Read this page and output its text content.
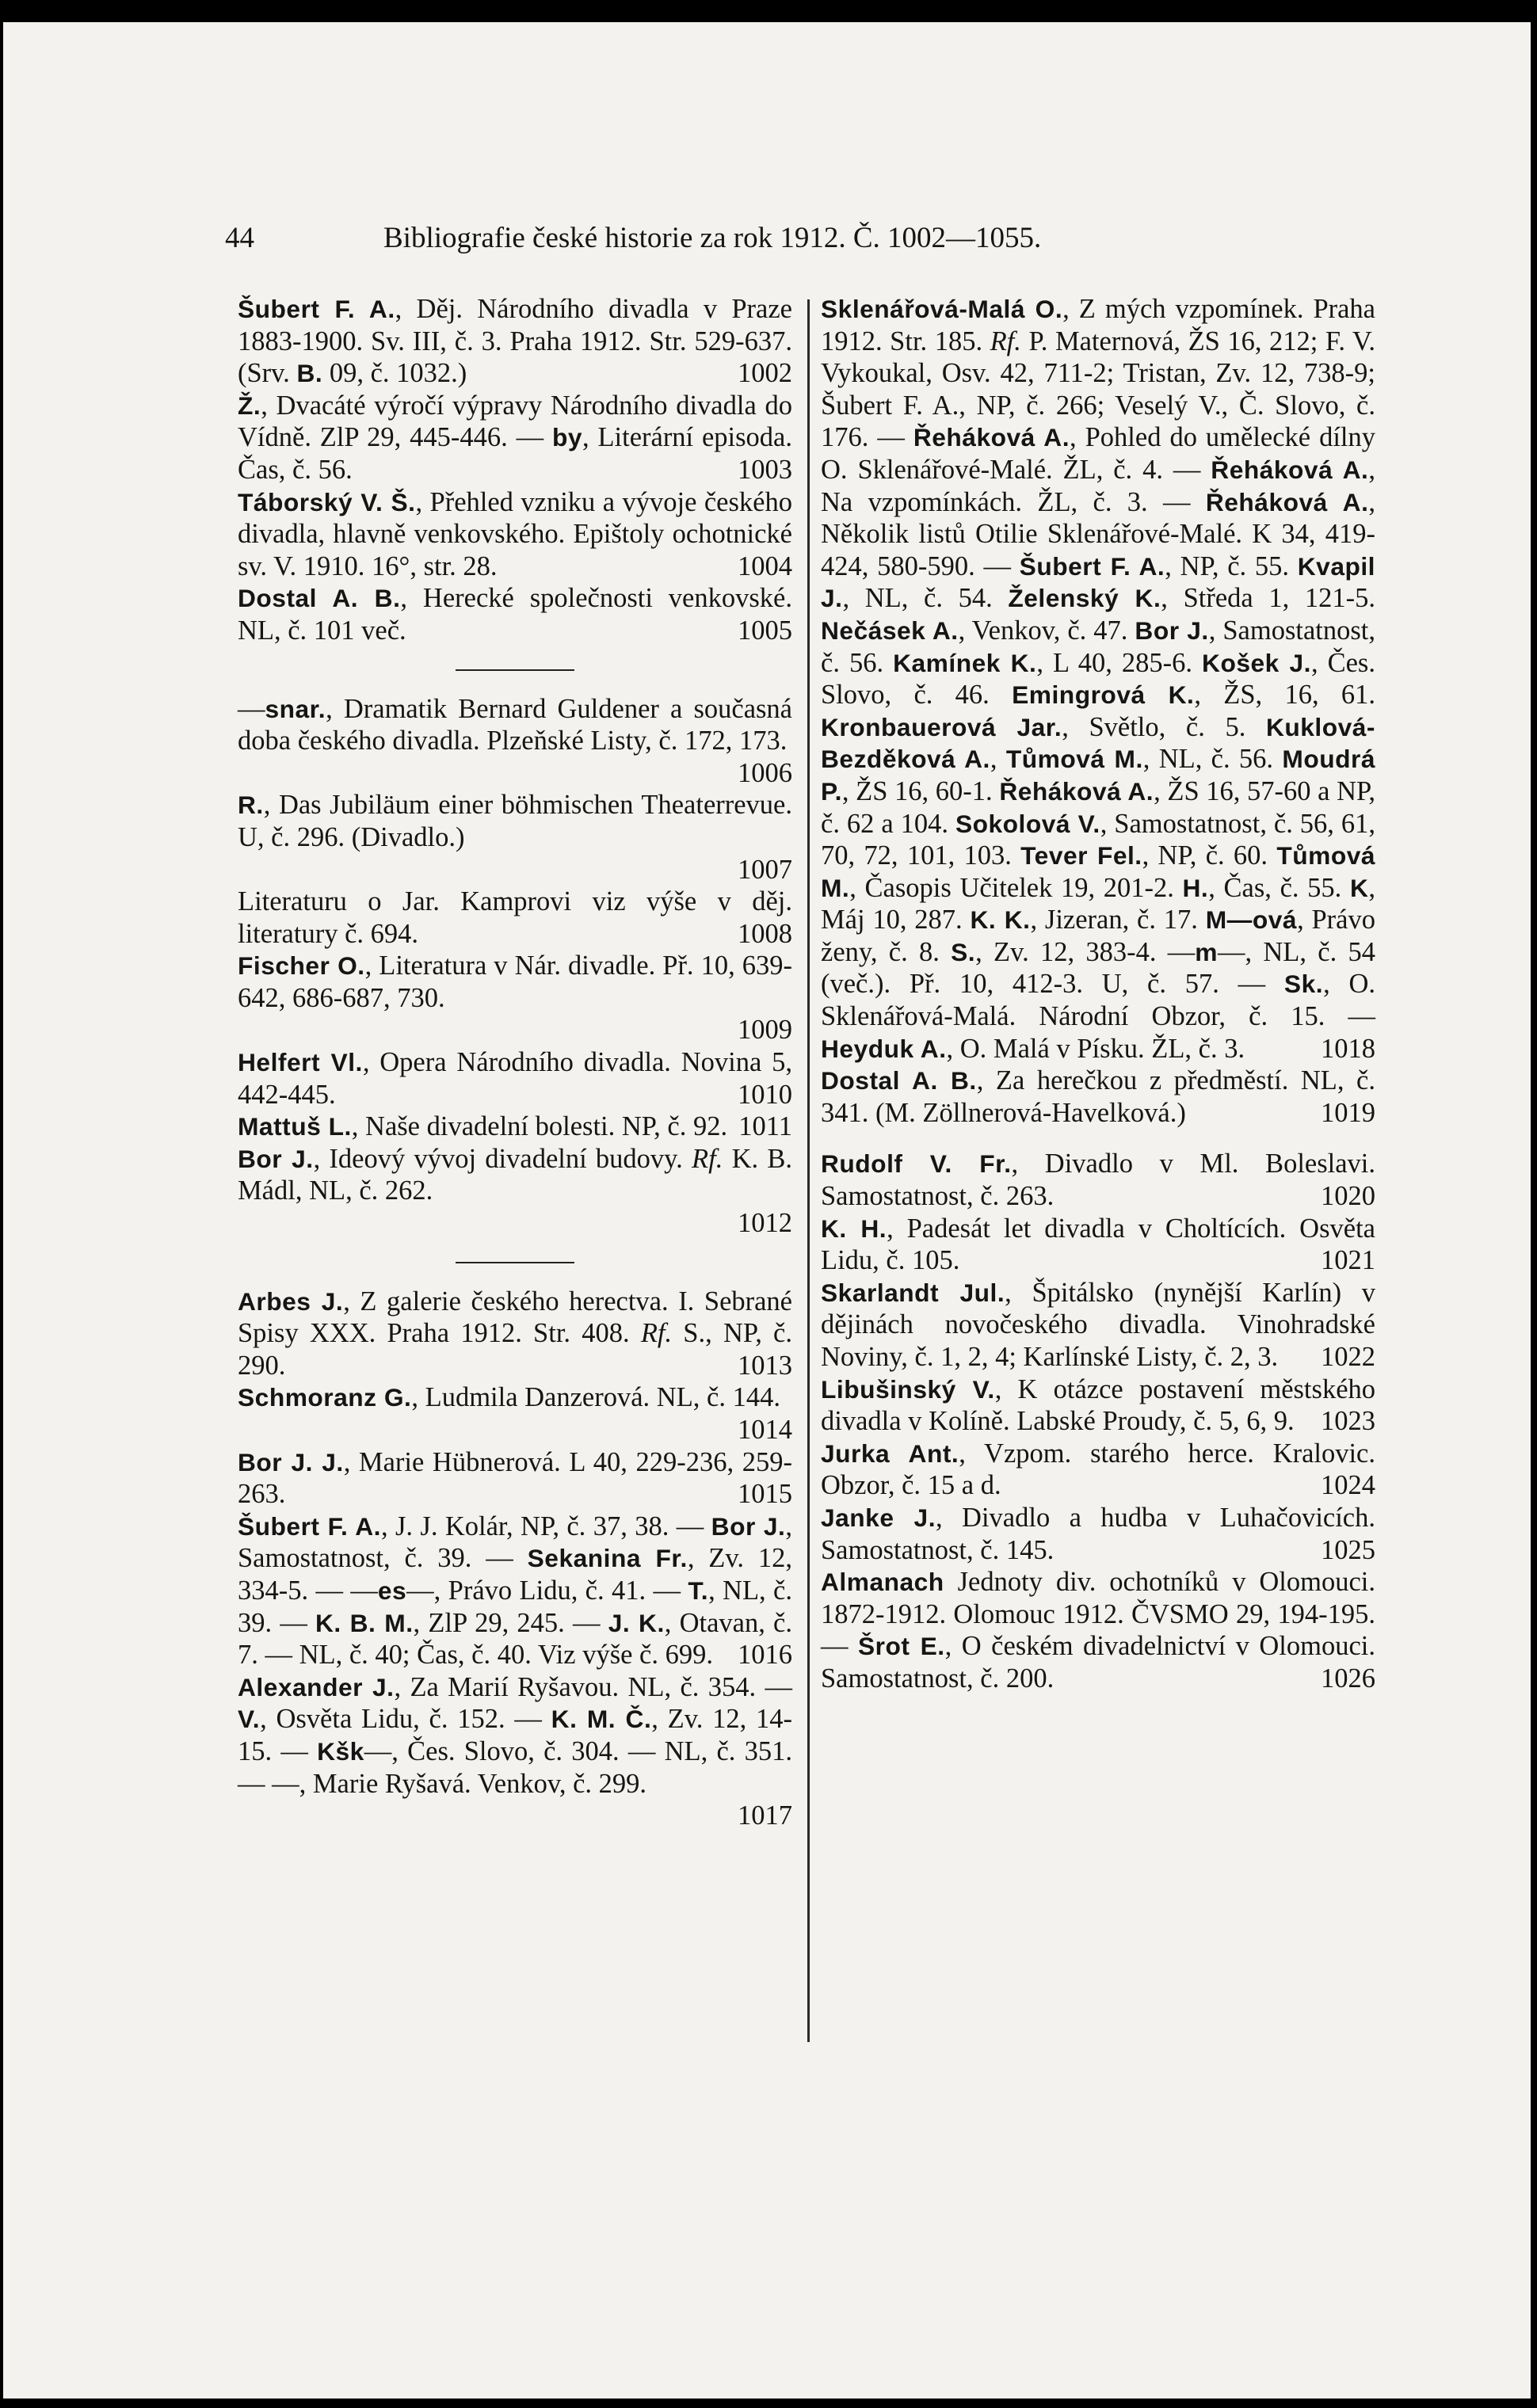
44	Bibliografie české historie za rok 1912. Č. 1002—1055.

Šubert F. A., Děj. Národního divadla v Praze 1883-1900. Sv. III, č. 3. Praha 1912. Str. 529-637. (Srv. B. 09, č. 1032.)	1002

Ž., Dvacáté výročí výpravy Národního divadla do Vídně. ZlP 29, 445-446. — by, Literární episoda. Čas, č. 56.	1003

Táborský V. Š., Přehled vzniku a vývoje českého divadla, hlavně venkovského. Epištoly ochotnické sv. V. 1910. 16°, str. 28.	1004

Dostal A. B., Herecké společnosti venkovské. NL, č. 101 več.	1005

—snar., Dramatik Bernard Guldener a současná doba českého divadla. Plzeňské Listy, č. 172, 173.
1006

R., Das Jubiläum einer böhmischen Theaterrevue. U, č. 296. (Divadlo.)
1007

Literaturu o Jar. Kamprovi viz výše v děj. literatury č. 694.	1008

Fischer O., Literatura v Nár. divadle. Př. 10, 639-642, 686-687, 730.
1009

Helfert Vl., Opera Národního divadla. Novina 5, 442-445.	1010

Mattuš L., Naše divadelní bolesti. NP, č. 92. 1011

Bor J., Ideový vývoj divadelní budovy. Rf. K. B. Mádl, NL, č. 262.
1012

Arbes J., Z galerie českého herectva. I. Sebrané Spisy XXX. Praha 1912. Str. 408. Rf. S., NP, č. 290.	1013

Schmoranz G., Ludmila Danzerová. NL, č. 144.
1014

Bor J. J., Marie Hübnerová. L 40, 229-236, 259-263.	1015

Šubert F. A., J. J. Kolár, NP, č. 37, 38. — Bor J., Samostatnost, č. 39. — Sekanina Fr., Zv. 12, 334-5. — —es—, Právo Lidu, č. 41. — T., NL, č. 39. — K. B. M., ZlP 29, 245. — J. K., Otavan, č. 7. — NL, č. 40; Čas, č. 40. Viz výše č. 699. 1016

Alexander J., Za Marií Ryšavou. NL, č. 354. — V., Osvěta Lidu, č. 152. — K. M. Č., Zv. 12, 14-15. — Kšk—, Čes. Slovo, č. 304. — NL, č. 351. — —, Marie Ryšavá. Venkov, č. 299.
1017

Sklenářová-Malá O., Z mých vzpomínek. Praha 1912. Str. 185. Rf. P. Maternová, ŽS 16, 212; F. V. Vykoukal, Osv. 42, 711-2; Tristan, Zv. 12, 738-9; Šubert F. A., NP, č. 266; Veselý V., Č. Slovo, č. 176. — Řeháková A., Pohled do umělecké dílny O. Sklenářové-Malé. ŽL, č. 4. — Řeháková A., Na vzpomínkách. ŽL, č. 3. — Řeháková A., Několik listů Otilie Sklenářové-Malé. K 34, 419-424, 580-590. — Šubert F. A., NP, č. 55. Kvapil J., NL, č. 54. Želenský K., Středa 1, 121-5. Nečásek A., Venkov, č. 47. Bor J., Samostatnost, č. 56. Kamínek K., L 40, 285-6. Košek J., Čes. Slovo, č. 46. Emingrová K., ŽS, 16, 61. Kronbauerová Jar., Světlo, č. 5. Kuklová-Bezděková A., Tůmová M., NL, č. 56. Moudrá P., ŽS 16, 60-1. Řeháková A., ŽS 16, 57-60 a NP, č. 62 a 104. Sokolová V., Samostatnost, č. 56, 61, 70, 72, 101, 103. Tever Fel., NP, č. 60. Tůmová M., Časopis Učitelek 19, 201-2. H., Čas, č. 55. K, Máj 10, 287. K. K., Jizeran, č. 17. M—ová, Právo ženy, č. 8. S., Zv. 12, 383-4. —m—, NL, č. 54 (več.). Př. 10, 412-3. U, č. 57. — Sk., O. Sklenářová-Malá. Národní Obzor, č. 15. — Heyduk A., O. Malá v Písku. ŽL, č. 3.	1018

Dostal A. B., Za herečkou z předměstí. NL, č. 341. (M. Zöllnerová-Havelková.)	1019

Rudolf V. Fr., Divadlo v Ml. Boleslavi. Samostatnost, č. 263.	1020

K. H., Padesát let divadla v Choltících. Osvěta Lidu, č. 105.	1021

Skarlandt Jul., Špitálsko (nynější Karlín) v dějinách novočeského divadla. Vinohradské Noviny, č. 1, 2, 4; Karlínské Listy, č. 2, 3. 1022

Libušinský V., K otázce postavení městského divadla v Kolíně. Labské Proudy, č. 5, 6, 9. 1023

Jurka Ant., Vzpom. starého herce. Kralovic. Obzor, č. 15 a d.	1024

Janke J., Divadlo a hudba v Luhačovicích. Samostatnost, č. 145.	1025

Almanach Jednoty div. ochotníků v Olomouci. 1872-1912. Olomouc 1912. ČVSMO 29, 194-195. — Šrot E., O českém divadelnictví v Olomouci. Samostatnost, č. 200.	1026
